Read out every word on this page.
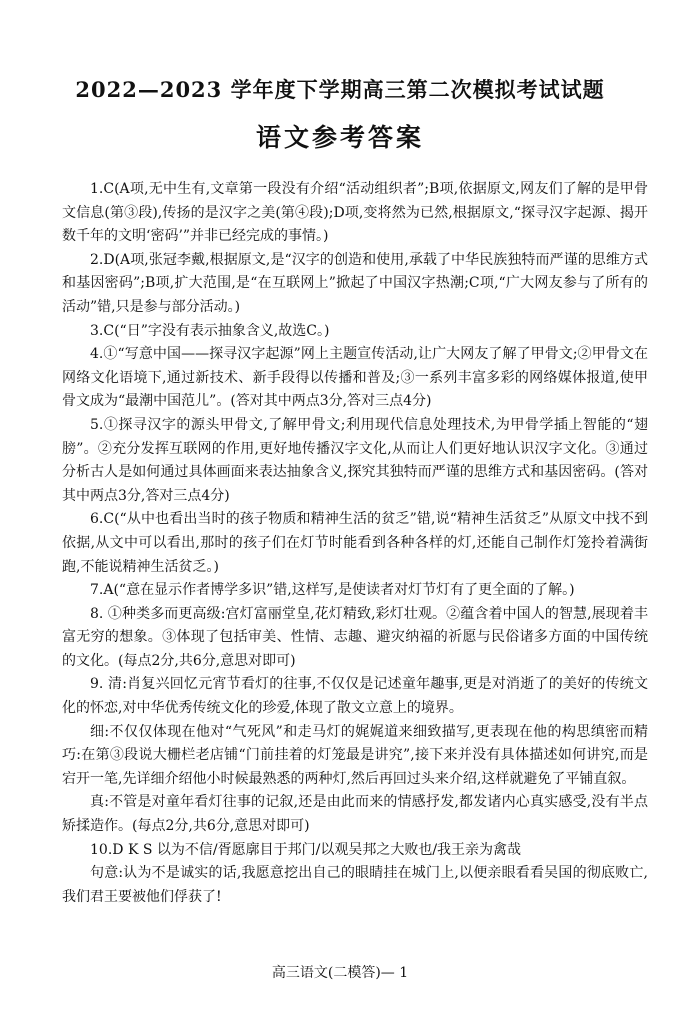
2022—2023 学年度下学期高三第二次模拟考试试题
语文参考答案

1.C(A项,无中生有,文章第一段没有介绍“活动组织者”;B项,依据原文,网友们了解的是甲骨文信息(第③段),传扬的是汉字之美(第④段);D项,变将然为已然,根据原文,“探寻汉字起源、揭开数千年的文明‘密码’”并非已经完成的事情。)

2.D(A项,张冠李戴,根据原文,是“汉字的创造和使用,承载了中华民族独特而严谨的思维方式和基因密码”;B项,扩大范围,是“在互联网上”掀起了中国汉字热潮;C项,“广大网友参与了所有的活动”错,只是参与部分活动。)

3.C(“日”字没有表示抽象含义,故选C。)

4.①“写意中国——探寻汉字起源”网上主题宣传活动,让广大网友了解了甲骨文;②甲骨文在网络文化语境下,通过新技术、新手段得以传播和普及;③一系列丰富多彩的网络媒体报道,使甲骨文成为“最潮中国范儿”。(答对其中两点3分,答对三点4分)

5.①探寻汉字的源头甲骨文,了解甲骨文;利用现代信息处理技术,为甲骨学插上智能的“翅膀”。②充分发挥互联网的作用,更好地传播汉字文化,从而让人们更好地认识汉字文化。③通过分析古人是如何通过具体画面来表达抽象含义,探究其独特而严谨的思维方式和基因密码。(答对其中两点3分,答对三点4分)

6.C(“从中也看出当时的孩子物质和精神生活的贫乏”错,说“精神生活贫乏”从原文中找不到依据,从文中可以看出,那时的孩子们在灯节时能看到各种各样的灯,还能自己制作灯笼拎着满街跑,不能说精神生活贫乏。)

7.A(“意在显示作者博学多识”错,这样写,是使读者对灯节灯有了更全面的了解。)

8. ①种类多而更高级:宫灯富丽堂皇,花灯精致,彩灯壮观。②蕴含着中国人的智慧,展现着丰富无穷的想象。③体现了包括审美、性情、志趣、避灾纳福的祈愿与民俗诸多方面的中国传统的文化。(每点2分,共6分,意思对即可)

9. 清:肖复兴回忆元宵节看灯的往事,不仅仅是记述童年趣事,更是对消逝了的美好的传统文化的怀恋,对中华优秀传统文化的珍爱,体现了散文立意上的境界。

细:不仅仅体现在他对“气死风”和走马灯的娓娓道来细致描写,更表现在他的构思缜密而精巧:在第③段说大栅栏老店铺“门前挂着的灯笼最是讲究”,接下来并没有具体描述如何讲究,而是宕开一笔,先详细介绍他小时候最熟悉的两种灯,然后再回过头来介绍,这样就避免了平铺直叙。

真:不管是对童年看灯往事的记叙,还是由此而来的情感抒发,都发诸内心真实感受,没有半点矫揉造作。(每点2分,共6分,意思对即可)

10.D K S 以为不信/胥愿廓目于邦门/以观吴邦之大败也/我王亲为禽哉

句意:认为不是诚实的话,我愿意挖出自己的眼睛挂在城门上,以便亲眼看看吴国的彻底败亡,我们君王要被他们俘获了!

高三语文(二模答)— 1
